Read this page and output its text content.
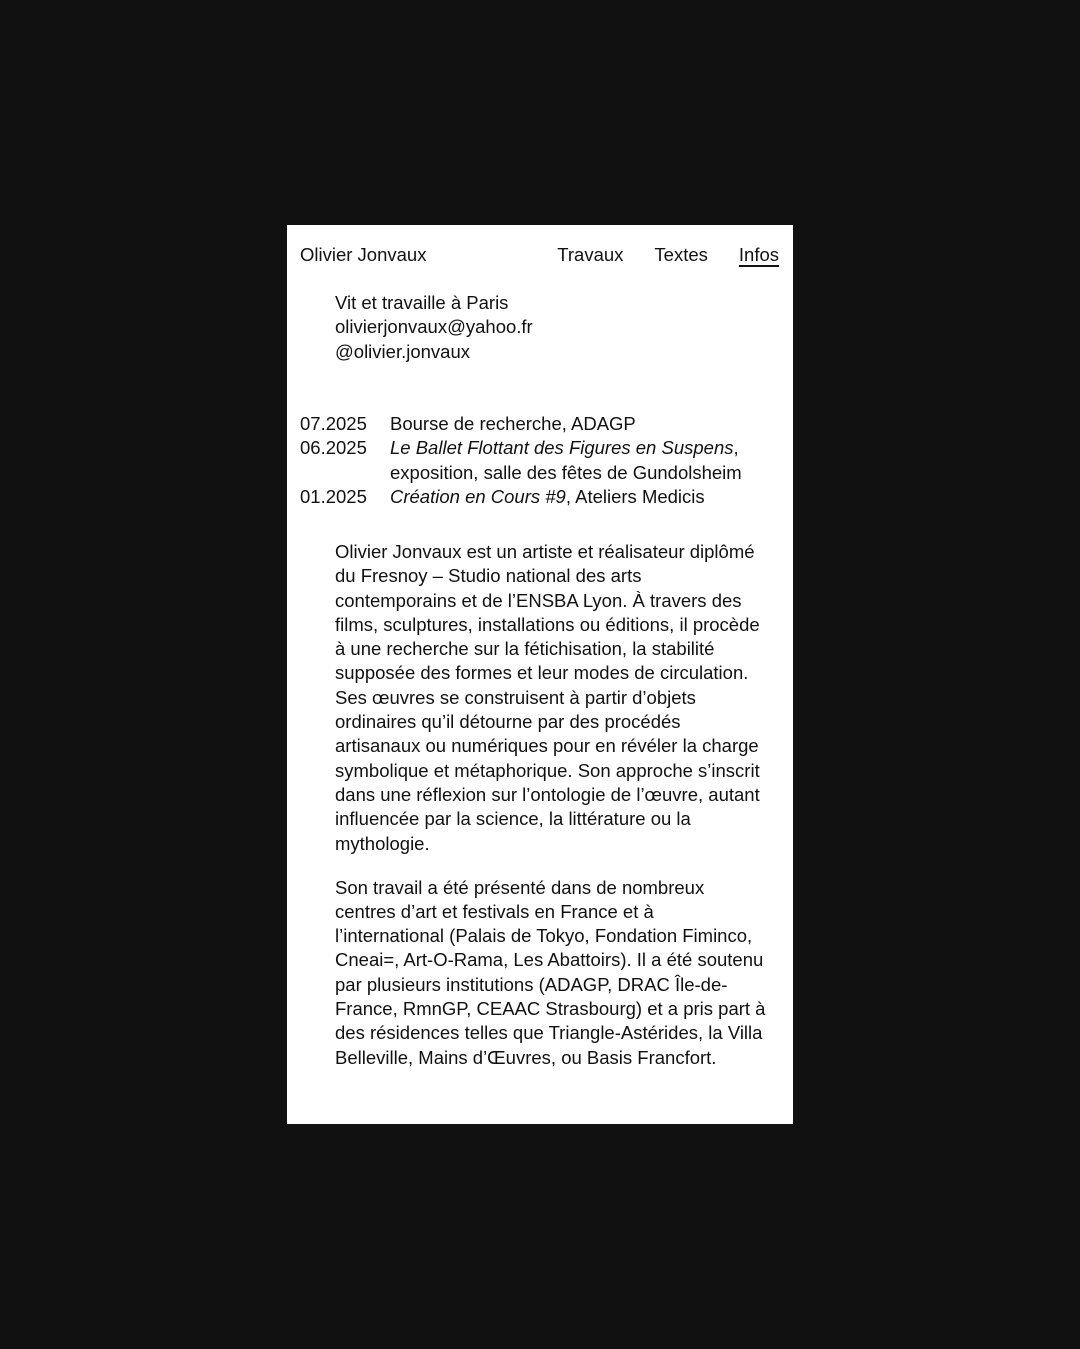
Olivier Jonvaux	Travaux Textes Infos
Vit et travaille à Paris
olivierjonvaux@yahoo.fr
@olivier.jonvaux
07.2025	Bourse de recherche, ADAGP
06.2025	Le Ballet Flottant des Figures en Suspens,
exposition, salle des fêtes de Gundolsheim
01.2025	Création en Cours #9, Ateliers Medicis

Olivier Jonvaux est un artiste et réalisateur diplômé
du Fresnoy – Studio national des arts
contemporains et de l’ENSBA Lyon. À travers des
films, sculptures, installations ou éditions, il procède
à une recherche sur la fétichisation, la stabilité
supposée des formes et leur modes de circulation.
Ses œuvres se construisent à partir d’objets
ordinaires qu’il détourne par des procédés
artisanaux ou numériques pour en révéler la charge
symbolique et métaphorique. Son approche s’inscrit
dans une réflexion sur l’ontologie de l’œuvre, autant
influencée par la science, la littérature ou la
mythologie.

Son travail a été présenté dans de nombreux
centres d’art et festivals en France et à
l’international (Palais de Tokyo, Fondation Fiminco,
Cneai=, Art-O-Rama, Les Abattoirs). Il a été soutenu
par plusieurs institutions (ADAGP, DRAC Île-de-
France, RmnGP, CEAAC Strasbourg) et a pris part à
des résidences telles que Triangle-Astérides, la Villa
Belleville, Mains d’Œuvres, ou Basis Francfort.
